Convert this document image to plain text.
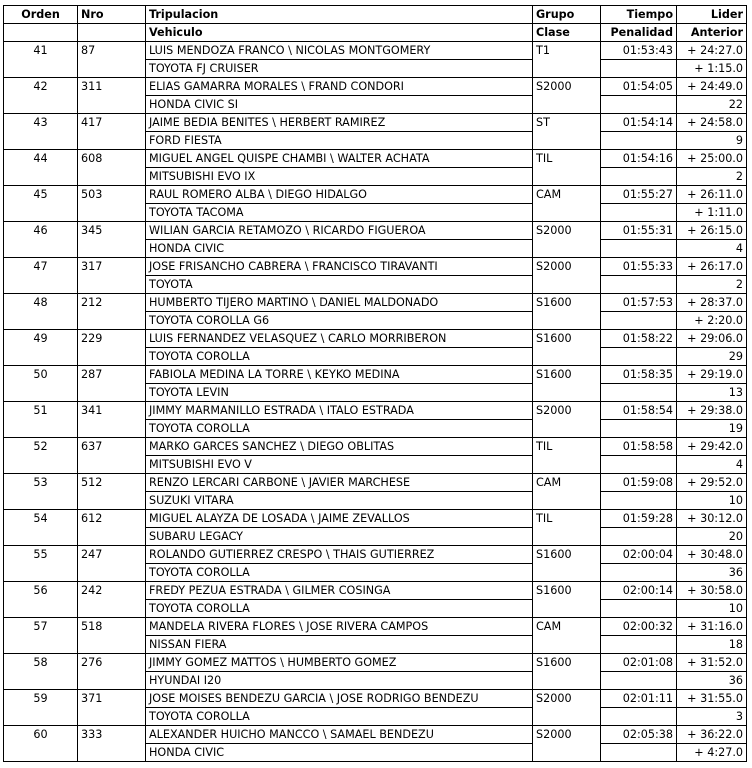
Orden	Nro	Tripulacion	Grupo	Tiempo	Lider
		Vehiculo	Clase	Penalidad	Anterior
41	87	LUIS MENDOZA FRANCO \ NICOLAS MONTGOMERY	T1	01:53:43	+ 24:27.0
		TOYOTA FJ CRUISER			+ 1:15.0
42	311	ELIAS GAMARRA MORALES \ FRAND CONDORI	S2000	01:54:05	+ 24:49.0
		HONDA CIVIC SI			22
43	417	JAIME BEDIA BENITES \ HERBERT RAMIREZ	ST	01:54:14	+ 24:58.0
		FORD FIESTA			9
44	608	MIGUEL ANGEL QUISPE CHAMBI \ WALTER ACHATA	TIL	01:54:16	+ 25:00.0
		MITSUBISHI EVO IX			2
45	503	RAUL ROMERO ALBA \ DIEGO HIDALGO	CAM	01:55:27	+ 26:11.0
		TOYOTA TACOMA			+ 1:11.0
46	345	WILIAN GARCIA RETAMOZO \ RICARDO FIGUEROA	S2000	01:55:31	+ 26:15.0
		HONDA CIVIC			4
47	317	JOSE FRISANCHO CABRERA \ FRANCISCO TIRAVANTI	S2000	01:55:33	+ 26:17.0
		TOYOTA			2
48	212	HUMBERTO TIJERO MARTINO \ DANIEL MALDONADO	S1600	01:57:53	+ 28:37.0
		TOYOTA COROLLA G6			+ 2:20.0
49	229	LUIS FERNANDEZ VELASQUEZ \ CARLO MORRIBERON	S1600	01:58:22	+ 29:06.0
		TOYOTA COROLLA			29
50	287	FABIOLA MEDINA LA TORRE \ KEYKO MEDINA	S1600	01:58:35	+ 29:19.0
		TOYOTA LEVIN			13
51	341	JIMMY MARMANILLO ESTRADA \ ITALO ESTRADA	S2000	01:58:54	+ 29:38.0
		TOYOTA COROLLA			19
52	637	MARKO GARCES SANCHEZ \ DIEGO OBLITAS	TIL	01:58:58	+ 29:42.0
		MITSUBISHI EVO V			4
53	512	RENZO LERCARI CARBONE \ JAVIER MARCHESE	CAM	01:59:08	+ 29:52.0
		SUZUKI VITARA			10
54	612	MIGUEL ALAYZA DE LOSADA \ JAIME ZEVALLOS	TIL	01:59:28	+ 30:12.0
		SUBARU LEGACY			20
55	247	ROLANDO GUTIERREZ CRESPO \ THAIS GUTIERREZ	S1600	02:00:04	+ 30:48.0
		TOYOTA COROLLA			36
56	242	FREDY PEZUA ESTRADA \ GILMER COSINGA	S1600	02:00:14	+ 30:58.0
		TOYOTA COROLLA			10
57	518	MANDELA RIVERA FLORES \ JOSE RIVERA CAMPOS	CAM	02:00:32	+ 31:16.0
		NISSAN FIERA			18
58	276	JIMMY GOMEZ MATTOS \ HUMBERTO GOMEZ	S1600	02:01:08	+ 31:52.0
		HYUNDAI I20			36
59	371	JOSE MOISES BENDEZU GARCIA \ JOSE RODRIGO BENDEZU	S2000	02:01:11	+ 31:55.0
		TOYOTA COROLLA			3
60	333	ALEXANDER HUICHO MANCCO \ SAMAEL BENDEZU	S2000	02:05:38	+ 36:22.0
		HONDA CIVIC			+ 4:27.0
